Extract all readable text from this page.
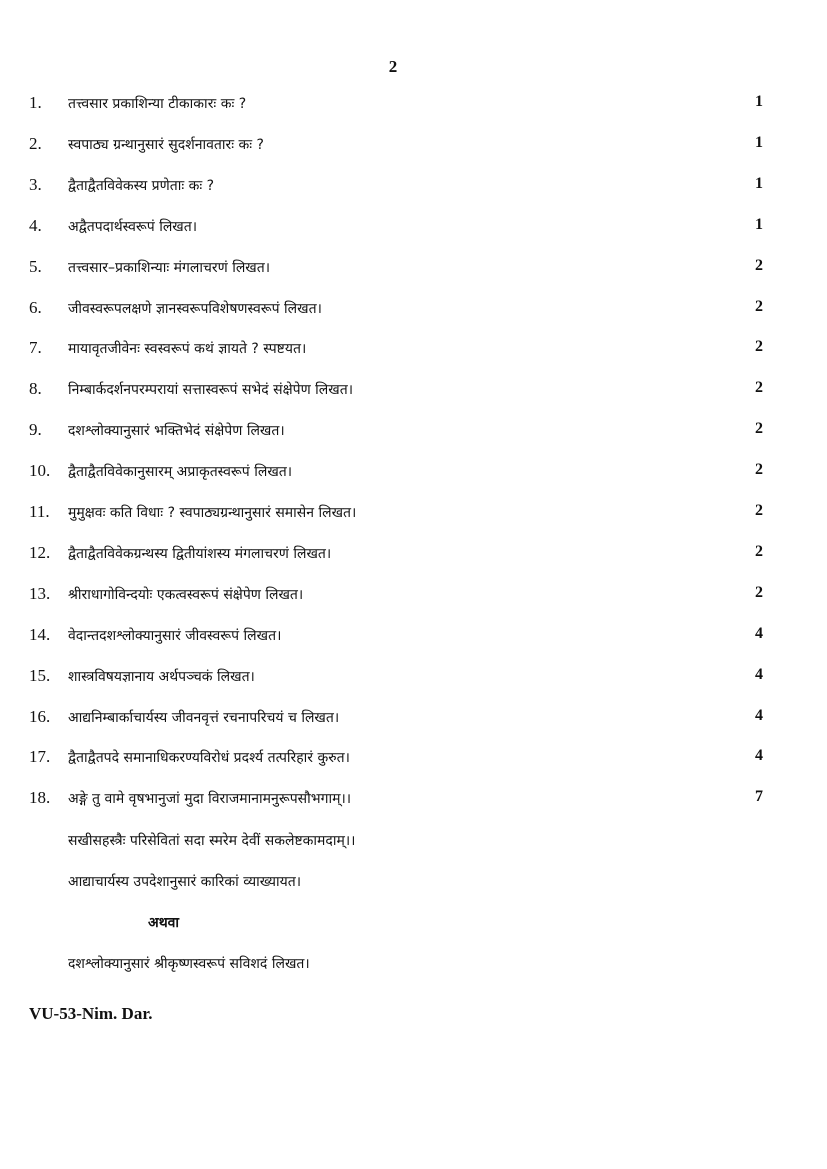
2
1. तत्त्वसार प्रकाशिन्या टीकाकारः कः ?	1
2. स्वपाठ्य ग्रन्थानुसारं सुदर्शनावतारः कः ?	1
3. द्वैताद्वैतविवेकस्य प्रणेताः कः ?	1
4. अद्वैतपदार्थस्वरूपं लिखत।	1
5. तत्त्वसार–प्रकाशिन्याः मंगलाचरणं लिखत।	2
6. जीवस्वरूपलक्षणे ज्ञानस्वरूपविशेषणस्वरूपं लिखत।	2
7. मायावृतजीवेनः स्वस्वरूपं कथं ज्ञायते ? स्पष्टयत।	2
8. निम्बार्कदर्शनपरम्परायां सत्तास्वरूपं सभेदं संक्षेपेण लिखत।	2
9. दशश्लोक्यानुसारं भक्तिभेदं संक्षेपेण लिखत।	2
10. द्वैताद्वैतविवेकानुसारम् अप्राकृतस्वरूपं लिखत।	2
11. मुमुक्षवः कति विधाः ? स्वपाठ्यग्रन्थानुसारं समासेन लिखत।	2
12. द्वैताद्वैतविवेकग्रन्थस्य द्वितीयांशस्य मंगलाचरणं लिखत।	2
13. श्रीराधागोविन्दयोः एकत्वस्वरूपं संक्षेपेण लिखत।	2
14. वेदान्तदशश्लोक्यानुसारं जीवस्वरूपं लिखत।	4
15. शास्त्रविषयज्ञानाय अर्थपञ्चकं लिखत।	4
16. आद्यनिम्बार्काचार्यस्य जीवनवृत्तं रचनापरिचयं च लिखत।	4
17. द्वैताद्वैतपदे समानाधिकरण्यविरोधं प्रदर्श्य तत्परिहारं कुरुत।	4
18. अङ्गे तु वामे वृषभानुजां मुदा विराजमानामनुरूपसौभगाम्।।	7
सखीसहस्त्रैः परिसेवितां सदा स्मरेम देवीं सकलेष्टकामदाम्।।
आद्याचार्यस्य उपदेशानुसारं कारिकां व्याख्यायत।
अथवा
दशश्लोक्यानुसारं श्रीकृष्णस्वरूपं सविशदं लिखत।
VU-53-Nim. Dar.
